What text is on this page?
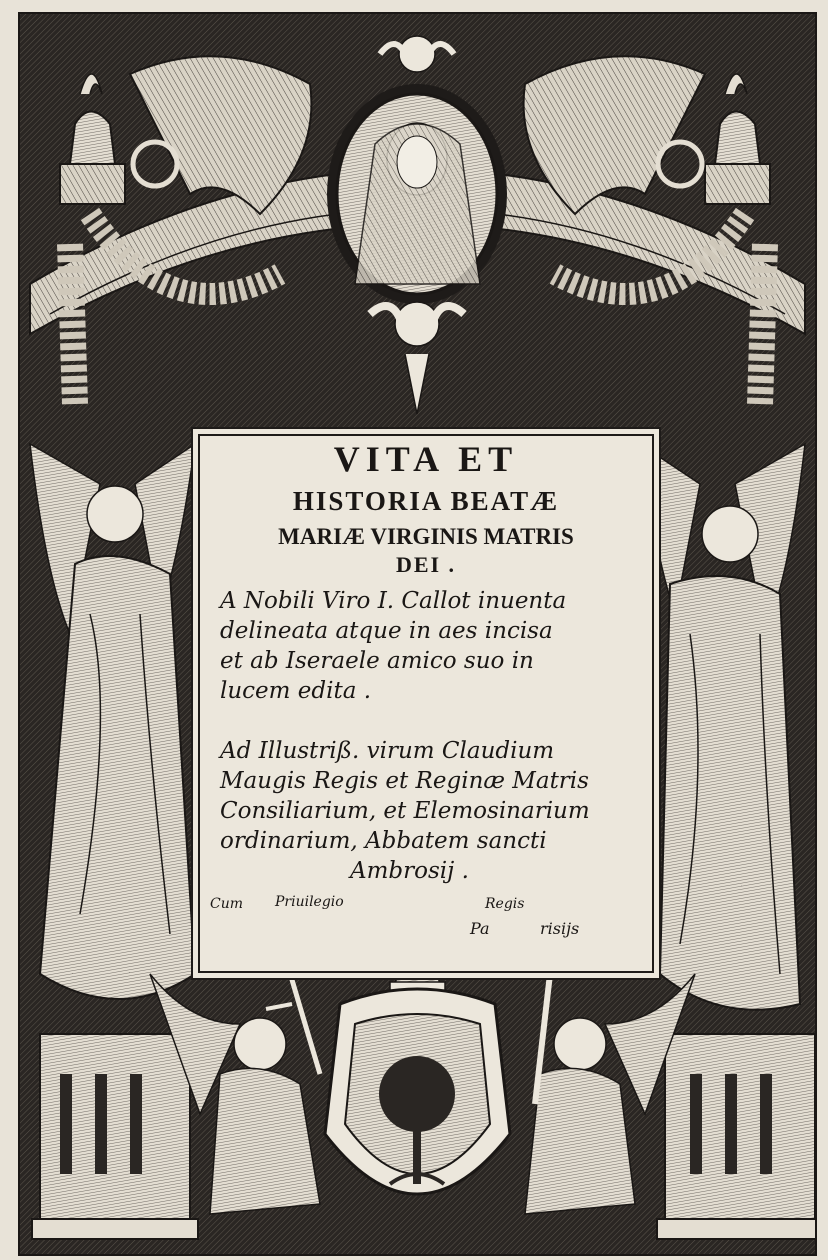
VITA ET

HISTORIA BEATÆ

MARIÆ VIRGINIS MATRIS

DEI .

A Nobili Viro I. Callot inuenta
delineata atque in aes incisa
et ab Iseraele amico suo in
lucem edita .
Ad Illustriß. virum Claudium
Maugis Regis et Reginæ Matris
Consiliarium, et Elemosinarium
ordinarium, Abbatem sancti
Ambrosij .

Cum Priuilegio	Regis

Pa	risijs
